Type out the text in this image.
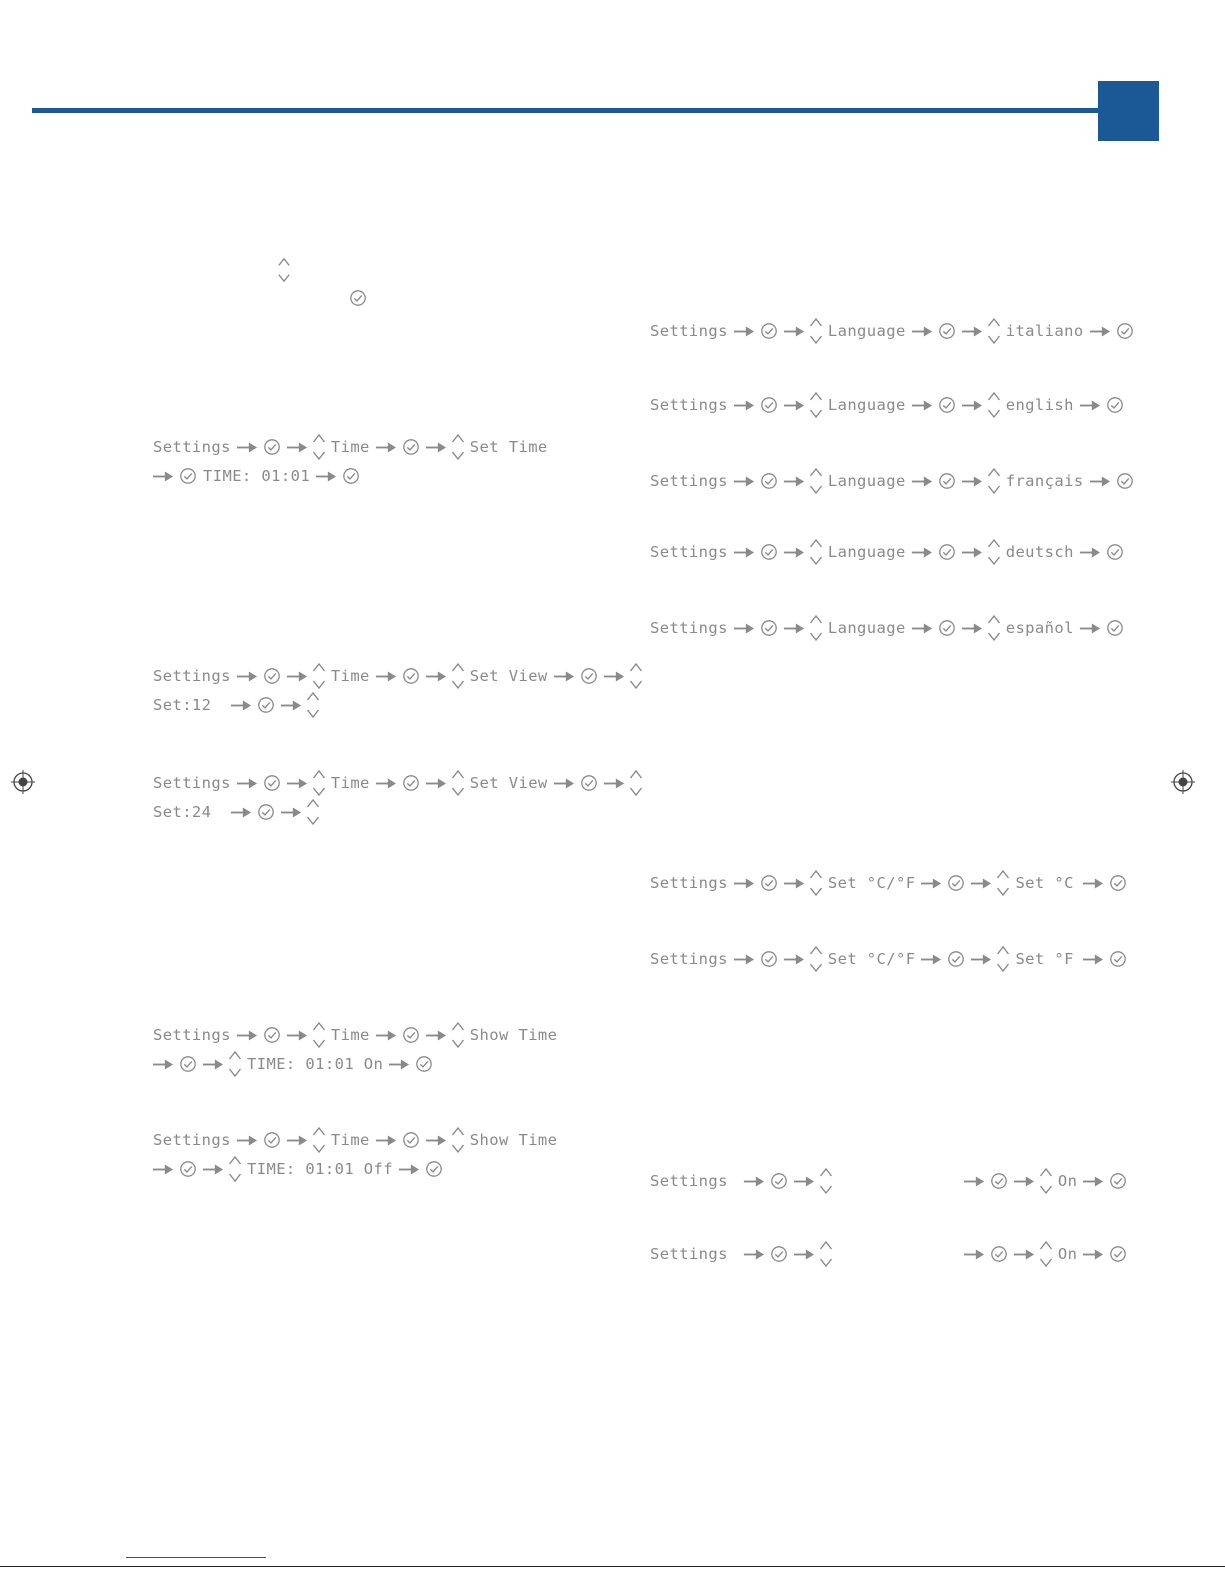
Settings	Time	Set Time
TIME: 01:01
Settings	Time	Set View
Set:12
Settings	Time	Set View
Set:24
Settings	Time	Show Time
TIME: 01:01 On
Settings	Time	Show Time
TIME: 01:01 Off
Settings	Language	italiano
Settings	Language	english
Settings	Language	français
Settings	Language	deutsch
Settings	Language	español
Settings	Set °C/°F	Set °C
Settings	Set °C/°F	Set °F
Settings	On
Settings	On
